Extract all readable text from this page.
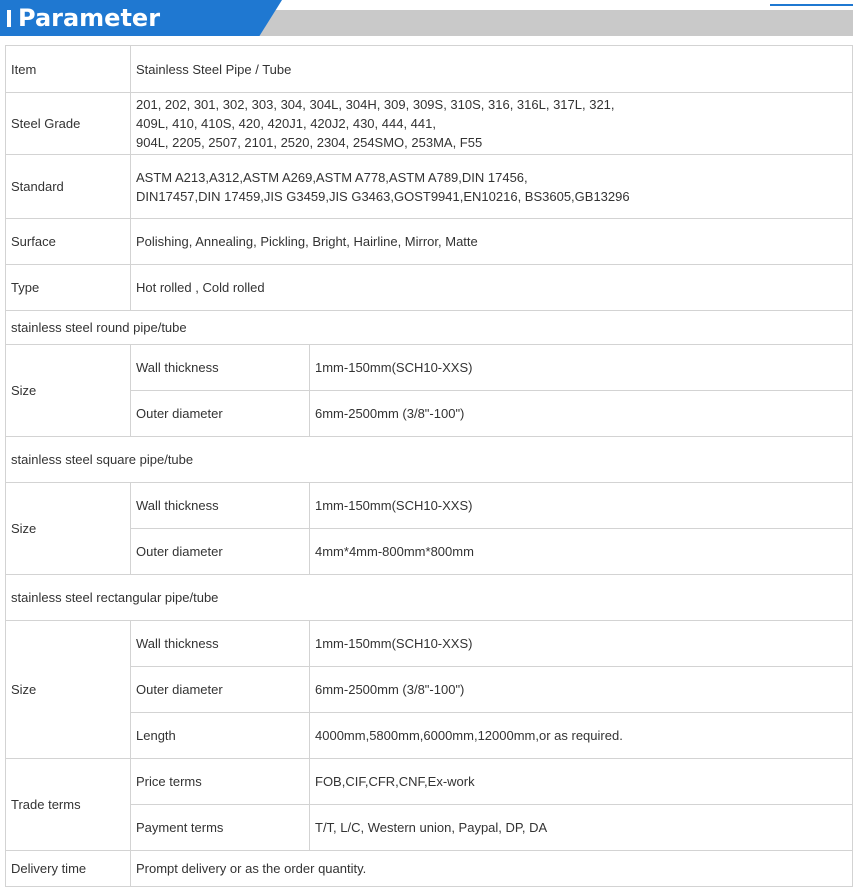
Parameter
Item	Stainless Steel Pipe / Tube	
Steel Grade	201, 202, 301, 302, 303, 304, 304L, 304H, 309, 309S, 310S, 316, 316L, 317L, 321,
409L, 410, 410S, 420, 420J1, 420J2, 430, 444, 441,
904L, 2205, 2507, 2101, 2520, 2304, 254SMO, 253MA, F55	

Standard	ASTM A213,A312,ASTM A269,ASTM A778,ASTM A789,DIN 17456,
DIN17457,DIN 17459,JIS G3459,JIS G3463,GOST9941,EN10216, BS3605,GB13296	

Surface	Polishing, Annealing, Pickling, Bright, Hairline, Mirror, Matte	
Type	Hot rolled , Cold rolled	
stainless steel round pipe/tube		
Size	Wall thickness	1mm-150mm(SCH10-XXS)
	Outer diameter	6mm-2500mm (3/8"-100")
stainless steel square pipe/tube		
Size	Wall thickness	1mm-150mm(SCH10-XXS)
	Outer diameter	4mm*4mm-800mm*800mm
stainless steel rectangular pipe/tube		
Size	Wall thickness	1mm-150mm(SCH10-XXS)
	Outer diameter	6mm-2500mm (3/8"-100")
	Length	4000mm,5800mm,6000mm,12000mm,or as required.
Trade terms	Price terms	FOB,CIF,CFR,CNF,Ex-work
	Payment terms	T/T, L/C, Western union, Paypal, DP, DA
Delivery time	Prompt delivery or as the order quantity.	
